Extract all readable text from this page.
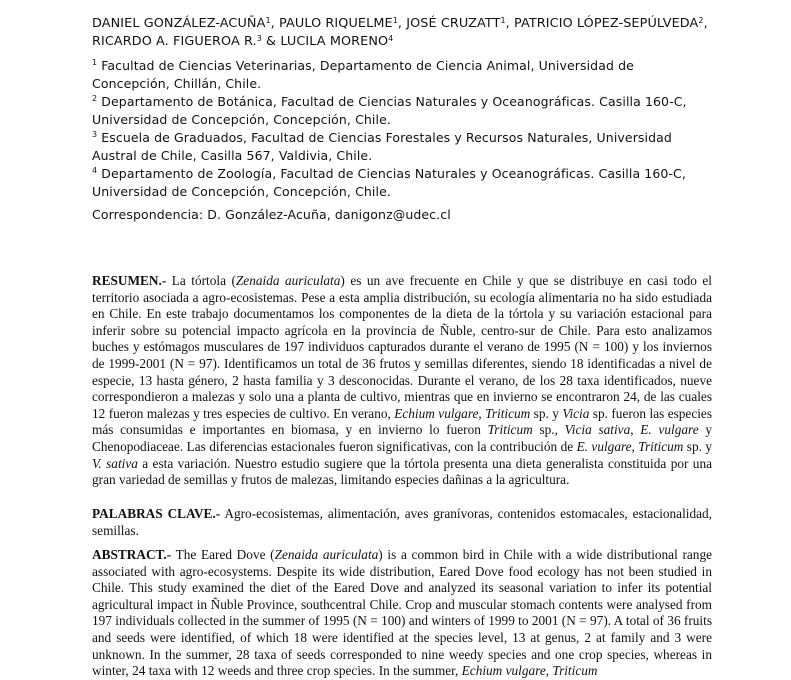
DANIEL GONZÁLEZ-ACUÑA$^1$, PAULO RIQUELME$^1$, JOSÉ CRUZATT$^1$, PATRICIO LÓPEZ-SEPÚLVEDA$^2$,
RICARDO A. FIGUEROA R.$^3$ & LUCILA MORENO$^4$

$^1$ Facultad de Ciencias Veterinarias, Departamento de Ciencia Animal, Universidad de
Concepción, Chillán, Chile.

$^2$ Departamento de Botánica, Facultad de Ciencias Naturales y Oceanográficas. Casilla 160-C,
Universidad de Concepción, Concepción, Chile.

$^3$ Escuela de Graduados, Facultad de Ciencias Forestales y Recursos Naturales, Universidad
Austral de Chile, Casilla 567, Valdivia, Chile.

$^4$ Departamento de Zoología, Facultad de Ciencias Naturales y Oceanográficas. Casilla 160-C,
Universidad de Concepción, Concepción, Chile.

Correspondencia: D. González-Acuña, danigonz@udec.cl
RESUMEN.- La tórtola (Zenaida auriculata) es un ave frecuente en Chile y que se distribuye en casi todo el territorio asociada a agro-ecosistemas. Pese a esta amplia distribución, su ecología alimentaria no ha sido estudiada en Chile. En este trabajo documentamos los componentes de la dieta de la tórtola y su variación estacional para inferir sobre su potencial impacto agrícola en la provincia de Ñuble, centro-sur de Chile. Para esto analizamos buches y estómagos musculares de 197 individuos capturados durante el verano de 1995 (N = 100) y los inviernos de 1999-2001 (N = 97). Identificamos un total de 36 frutos y semillas diferentes, siendo 18 identificadas a nivel de especie, 13 hasta género, 2 hasta familia y 3 desconocidas. Durante el verano, de los 28 taxa identificados, nueve correspondieron a malezas y solo una a planta de cultivo, mientras que en invierno se encontraron 24, de las cuales 12 fueron malezas y tres especies de cultivo. En verano, Echium vulgare, Triticum sp. y Vicia sp. fueron las especies más consumidas e importantes en biomasa, y en invierno lo fueron Triticum sp., Vicia sativa, E. vulgare y Chenopodiaceae. Las diferencias estacionales fueron significativas, con la contribución de E. vulgare, Triticum sp. y V. sativa a esta variación. Nuestro estudio sugiere que la tórtola presenta una dieta generalista constituida por una gran variedad de semillas y frutos de malezas, limitando especies dañinas a la agricultura.
PALABRAS CLAVE.- Agro-ecosistemas, alimentación, aves granívoras, contenidos estomacales, estacionalidad, semillas.
ABSTRACT.- The Eared Dove (Zenaida auriculata) is a common bird in Chile with a wide distributional range associated with agro-ecosystems. Despite its wide distribution, Eared Dove food ecology has not been studied in Chile. This study examined the diet of the Eared Dove and analyzed its seasonal variation to infer its potential agricultural impact in Ñuble Province, southcentral Chile. Crop and muscular stomach contents were analysed from 197 individuals collected in the summer of 1995 (N = 100) and winters of 1999 to 2001 (N = 97). A total of 36 fruits and seeds were identified, of which 18 were identified at the species level, 13 at genus, 2 at family and 3 were unknown. In the summer, 28 taxa of seeds corresponded to nine weedy species and one crop species, whereas in winter, 24 taxa with 12 weeds and three crop species. In the summer, Echium vulgare, Triticum
